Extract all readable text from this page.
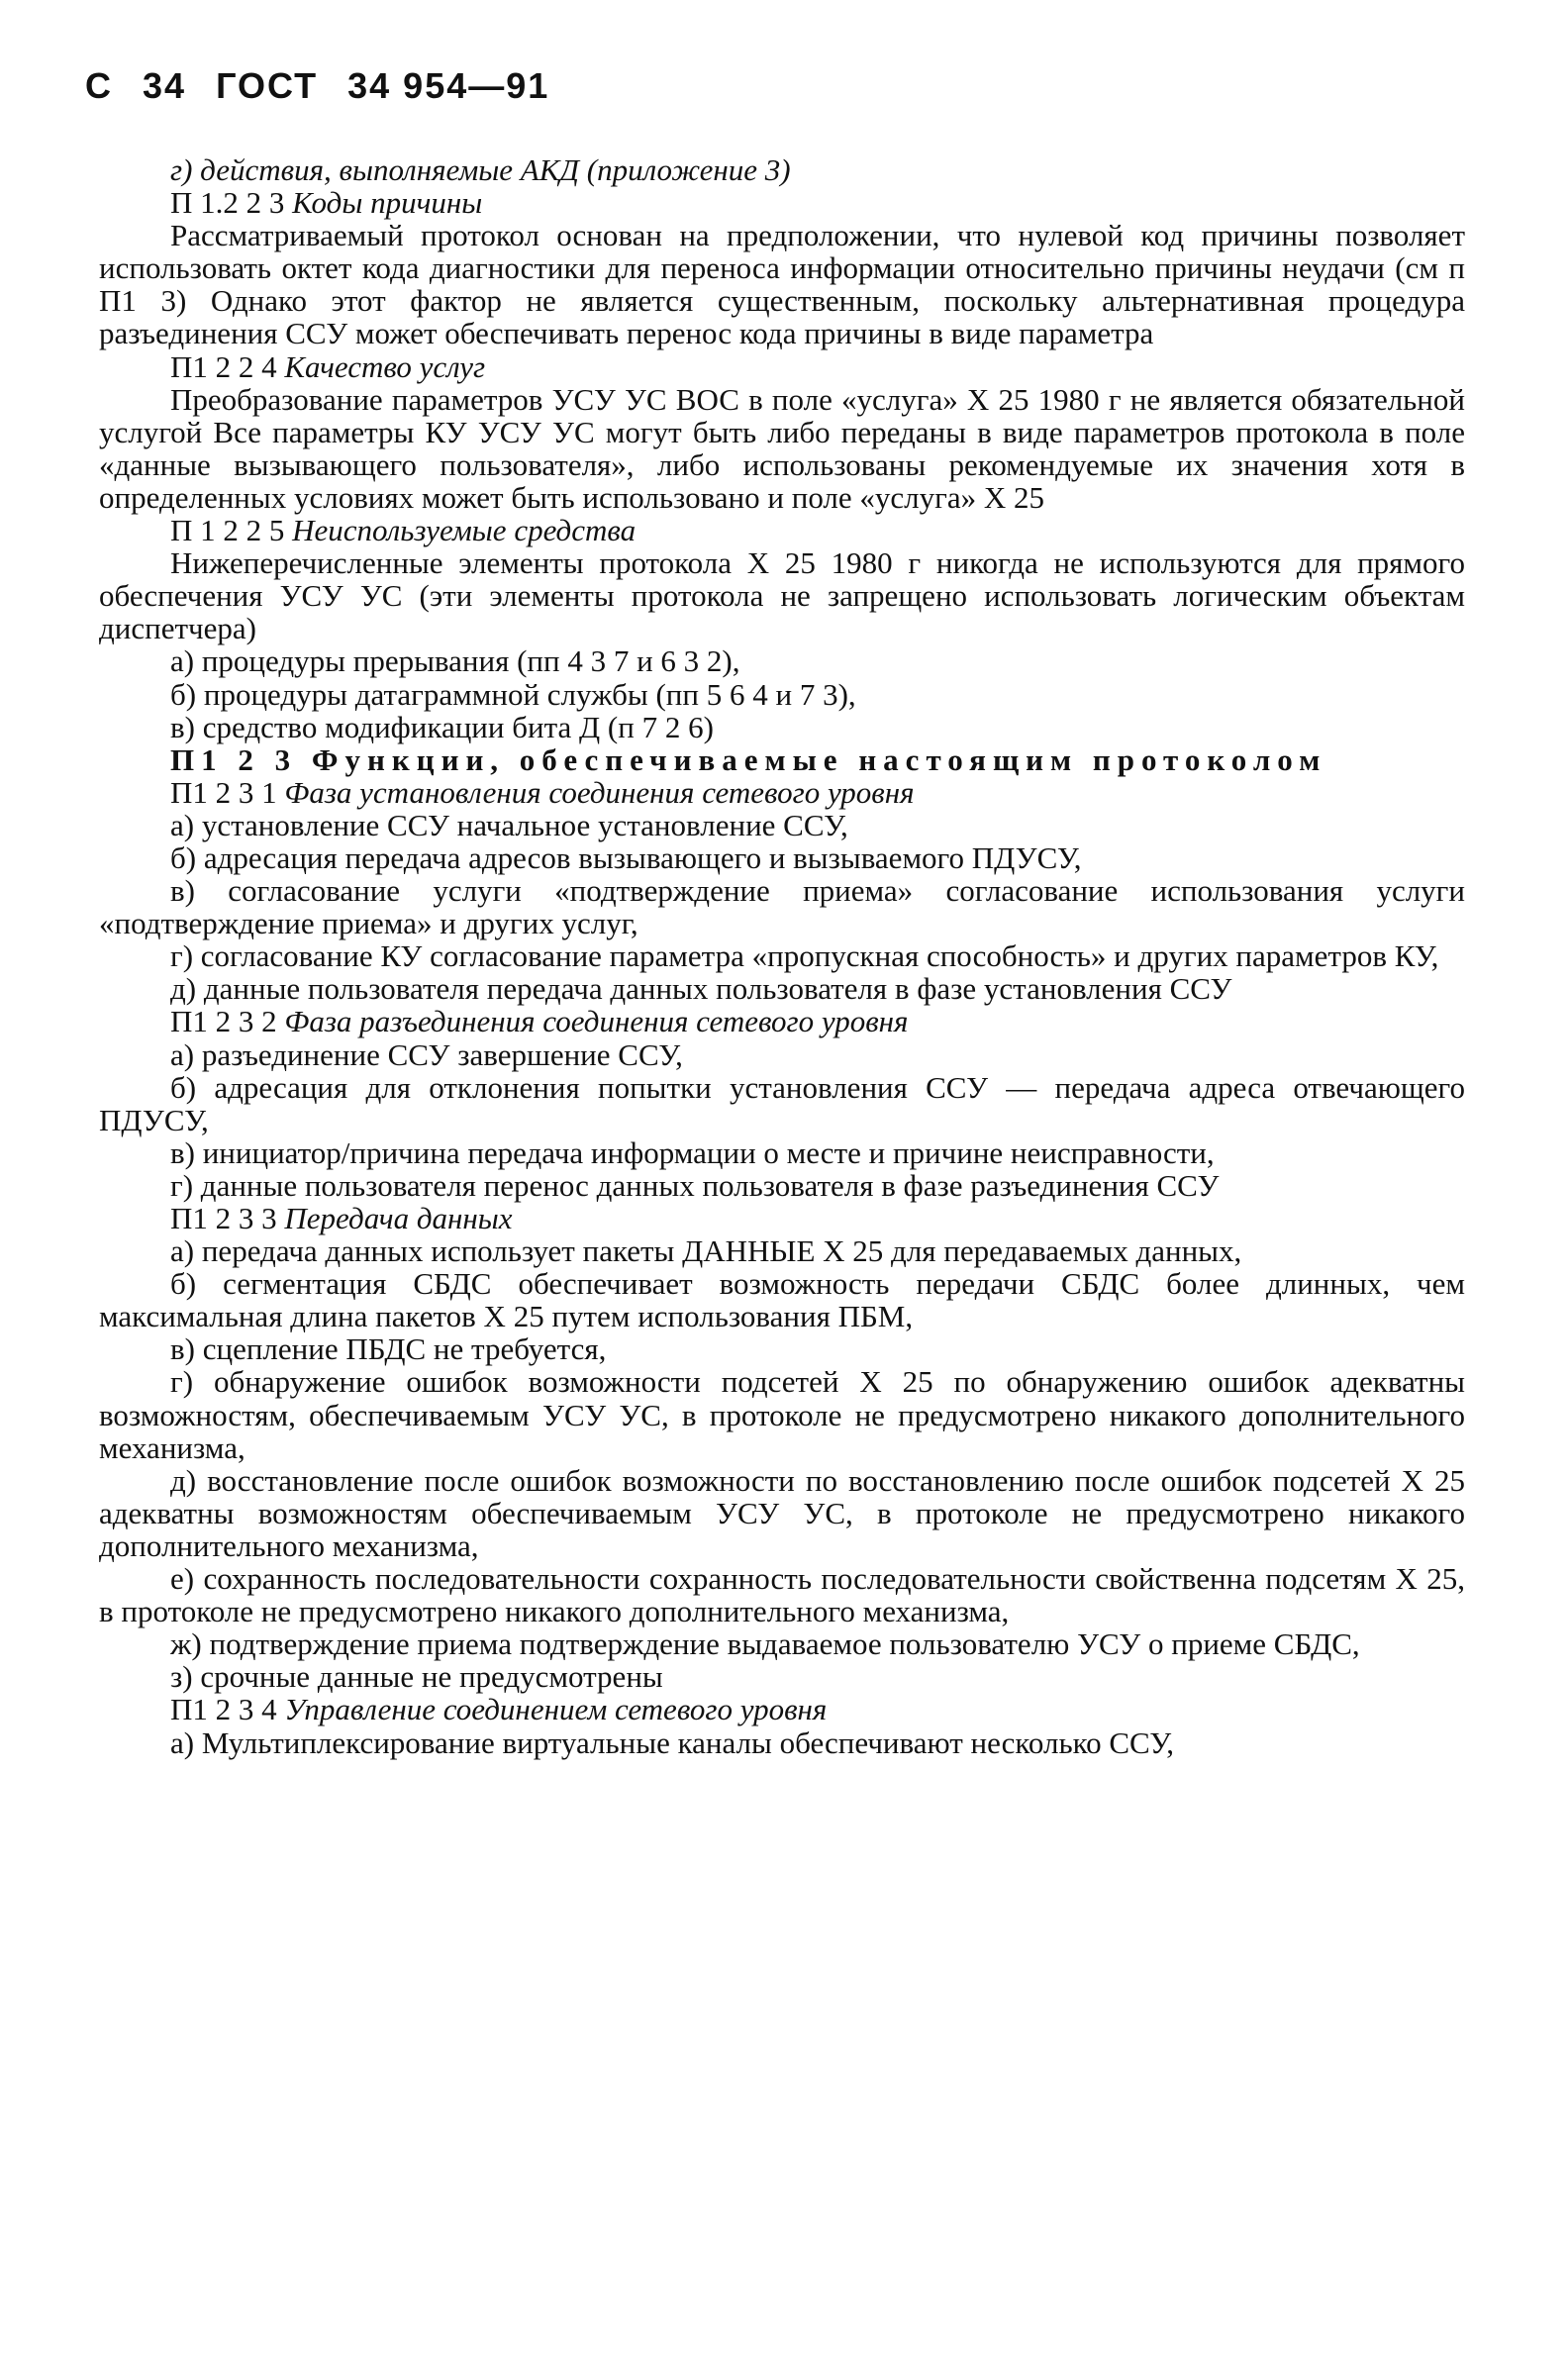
С 34 ГОСТ 34 954—91

г) действия, выполняемые АКД (приложение 3)

П 1.2 2 3 Коды причины

Рассматриваемый протокол основан на предположении, что нулевой код причины позволяет использовать октет кода диагностики для переноса информации относительно причины неудачи (см п П1 3) Однако этот фактор не является существенным, поскольку альтернативная процедура разъединения ССУ может обеспечивать перенос кода причины в виде параметра

П1 2 2 4 Качество услуг

Преобразование параметров УСУ УС ВОС в поле «услуга» X 25 1980 г не является обязательной услугой Все параметры КУ УСУ УС могут быть либо переданы в виде параметров протокола в поле «данные вызывающего пользователя», либо использованы рекомендуемые их значения хотя в определенных условиях может быть использовано и поле «услуга» X 25

П 1 2 2 5 Неиспользуемые средства

Нижеперечисленные элементы протокола X 25 1980 г никогда не используются для прямого обеспечения УСУ УС (эти элементы протокола не запрещено использовать логическим объектам диспетчера)

а) процедуры прерывания (пп 4 3 7 и 6 3 2),

б) процедуры датаграммной службы (пп 5 6 4 и 7 3),

в) средство модификации бита Д (п 7 2 6)

П1 2 3 Функции, обеспечиваемые настоящим протоколом

П1 2 3 1 Фаза установления соединения сетевого уровня

а) установление ССУ начальное установление ССУ,

б) адресация передача адресов вызывающего и вызываемого ПДУСУ,

в) согласование услуги «подтверждение приема» согласование использования услуги «подтверждение приема» и других услуг,

г) согласование КУ согласование параметра «пропускная способность» и других параметров КУ,

д) данные пользователя передача данных пользователя в фазе установления ССУ

П1 2 3 2 Фаза разъединения соединения сетевого уровня

а) разъединение ССУ завершение ССУ,

б) адресация для отклонения попытки установления ССУ — передача адреса отвечающего ПДУСУ,

в) инициатор/причина передача информации о месте и причине неисправности,

г) данные пользователя перенос данных пользователя в фазе разъединения ССУ

П1 2 3 3 Передача данных

а) передача данных использует пакеты ДАННЫЕ X 25 для передаваемых данных,

б) сегментация СБДС обеспечивает возможность передачи СБДС более длинных, чем максимальная длина пакетов X 25 путем использования ПБМ,

в) сцепление ПБДС не требуется,

г) обнаружение ошибок возможности подсетей X 25 по обнаружению ошибок адекватны возможностям, обеспечиваемым УСУ УС, в протоколе не предусмотрено никакого дополнительного механизма,

д) восстановление после ошибок возможности по восстановлению после ошибок подсетей X 25 адекватны возможностям обеспечиваемым УСУ УС, в протоколе не предусмотрено никакого дополнительного механизма,

е) сохранность последовательности сохранность последовательности свойственна подсетям X 25, в протоколе не предусмотрено никакого дополнительного механизма,

ж) подтверждение приема подтверждение выдаваемое пользователю УСУ о приеме СБДС,

з) срочные данные не предусмотрены

П1 2 3 4 Управление соединением сетевого уровня

а) Мультиплексирование виртуальные каналы обеспечивают несколько ССУ,
